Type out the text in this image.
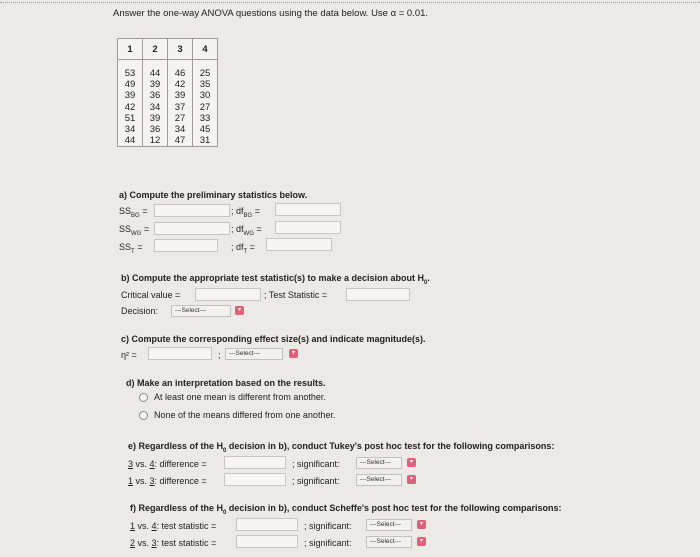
Answer the one-way ANOVA questions using the data below. Use α = 0.01.
1	2	3	4

53	44	46	25
49	39	42	35
39	36	39	30
42	34	37	27
51	39	27	33
34	36	34	45
44	12	47	31
a) Compute the preliminary statistics below.
$SS_{BG}$ =	; $df_{BG}$ =
$SS_{WG}$ =	; $df_{WG}$ =
$SS_T$ =	; $df_T$ =
b) Compute the appropriate test statistic(s) to make a decision about $H_0$.
Critical value =	; Test Statistic =
Decision:	---Select---	▾
c) Compute the corresponding effect size(s) and indicate magnitude(s).
η² =	;	---Select---	▾
d) Make an interpretation based on the results.
At least one mean is different from another.
None of the means differed from one another.
e) Regardless of the $H_0$ decision in b), conduct Tukey's post hoc test for the following comparisons:
3 vs. 4: difference =	; significant:	---Select---	▾
1 vs. 3: difference =	; significant:	---Select---	▾
f) Regardless of the $H_0$ decision in b), conduct Scheffe's post hoc test for the following comparisons:
1 vs. 4: test statistic =	; significant:	---Select---	▾
2 vs. 3: test statistic =	; significant:	---Select---	▾
